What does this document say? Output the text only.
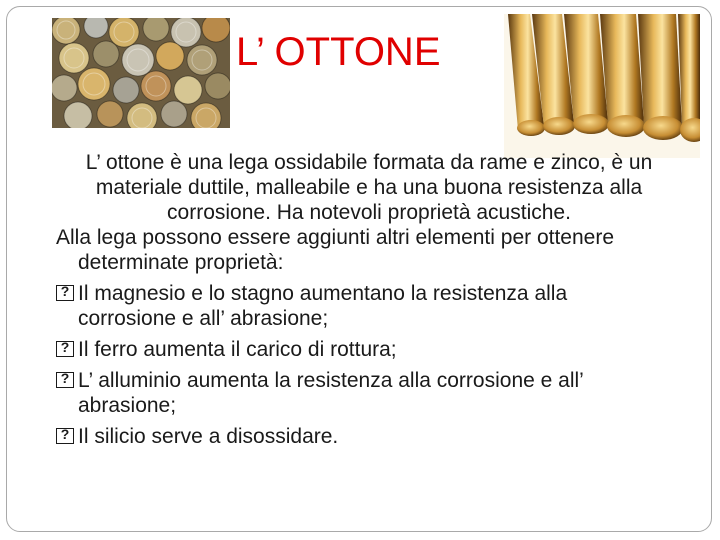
L’ OTTONE

L’ ottone è una lega ossidabile formata da rame e zinco, è un materiale duttile, malleabile e ha una buona resistenza alla corrosione. Ha notevoli proprietà acustiche.

Alla lega possono essere aggiunti altri elementi per ottenere determinate proprietà:

?Il magnesio e lo stagno aumentano la resistenza alla corrosione e all’ abrasione;

?Il ferro aumenta il carico di rottura;

?L’ alluminio aumenta la resistenza alla corrosione e all’ abrasione;

?Il silicio serve a disossidare.
